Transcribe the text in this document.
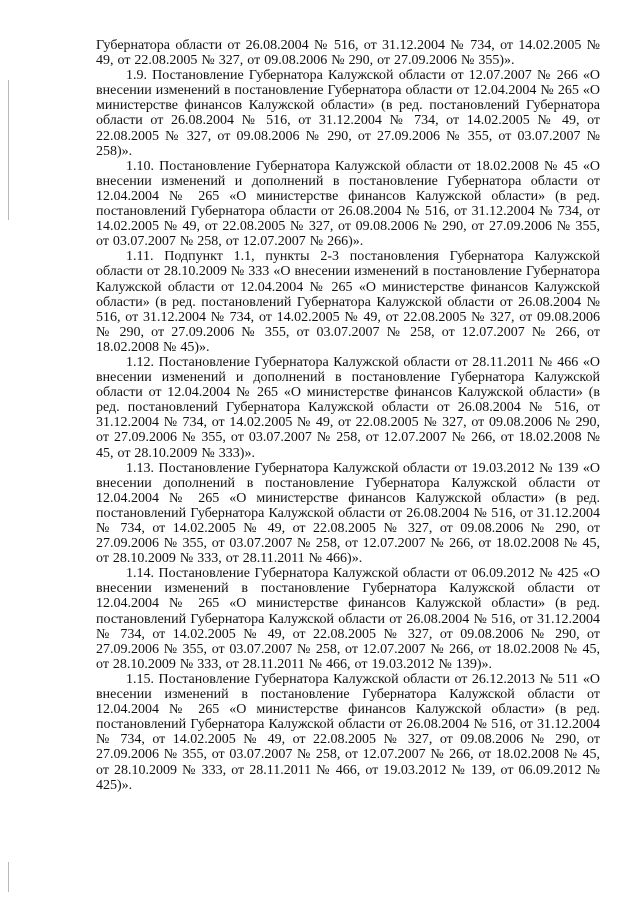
Губернатора области от 26.08.2004 № 516, от 31.12.2004 № 734, от 14.02.2005 № 49, от 22.08.2005 № 327, от 09.08.2006 № 290, от 27.09.2006 № 355)».

1.9. Постановление Губернатора Калужской области от 12.07.2007 № 266 «О внесении изменений в постановление Губернатора области от 12.04.2004 № 265 «О министерстве финансов Калужской области» (в ред. постановлений Губернатора области от 26.08.2004 № 516, от 31.12.2004 № 734, от 14.02.2005 № 49, от 22.08.2005 № 327, от 09.08.2006 № 290, от 27.09.2006 № 355, от 03.07.2007 № 258)».

1.10. Постановление Губернатора Калужской области от 18.02.2008 № 45 «О внесении изменений и дополнений в постановление Губернатора области от 12.04.2004 № 265 «О министерстве финансов Калужской области» (в ред. постановлений Губернатора области от 26.08.2004 № 516, от 31.12.2004 № 734, от 14.02.2005 № 49, от 22.08.2005 № 327, от 09.08.2006 № 290, от 27.09.2006 № 355, от 03.07.2007 № 258, от 12.07.2007 № 266)».

1.11. Подпункт 1.1, пункты 2-3 постановления Губернатора Калужской области от 28.10.2009 № 333 «О внесении изменений в постановление Губернатора Калужской области от 12.04.2004 № 265 «О министерстве финансов Калужской области» (в ред. постановлений Губернатора Калужской области от 26.08.2004 № 516, от 31.12.2004 № 734, от 14.02.2005 № 49, от 22.08.2005 № 327, от 09.08.2006 № 290, от 27.09.2006 № 355, от 03.07.2007 № 258, от 12.07.2007 № 266, от 18.02.2008 № 45)».

1.12. Постановление Губернатора Калужской области от 28.11.2011 № 466 «О внесении изменений и дополнений в постановление Губернатора Калужской области от 12.04.2004 № 265 «О министерстве финансов Калужской области» (в ред. постановлений Губернатора Калужской области от 26.08.2004 № 516, от 31.12.2004 № 734, от 14.02.2005 № 49, от 22.08.2005 № 327, от 09.08.2006 № 290, от 27.09.2006 № 355, от 03.07.2007 № 258, от 12.07.2007 № 266, от 18.02.2008 № 45, от 28.10.2009 № 333)».

1.13. Постановление Губернатора Калужской области от 19.03.2012 № 139 «О внесении дополнений в постановление Губернатора Калужской области от 12.04.2004 № 265 «О министерстве финансов Калужской области» (в ред. постановлений Губернатора Калужской области от 26.08.2004 № 516, от 31.12.2004 № 734, от 14.02.2005 № 49, от 22.08.2005 № 327, от 09.08.2006 № 290, от 27.09.2006 № 355, от 03.07.2007 № 258, от 12.07.2007 № 266, от 18.02.2008 № 45, от 28.10.2009 № 333, от 28.11.2011 № 466)».

1.14. Постановление Губернатора Калужской области от 06.09.2012 № 425 «О внесении изменений в постановление Губернатора Калужской области от 12.04.2004 № 265 «О министерстве финансов Калужской области» (в ред. постановлений Губернатора Калужской области от 26.08.2004 № 516, от 31.12.2004 № 734, от 14.02.2005 № 49, от 22.08.2005 № 327, от 09.08.2006 № 290, от 27.09.2006 № 355, от 03.07.2007 № 258, от 12.07.2007 № 266, от 18.02.2008 № 45, от 28.10.2009 № 333, от 28.11.2011 № 466, от 19.03.2012 № 139)».

1.15. Постановление Губернатора Калужской области от 26.12.2013 № 511 «О внесении изменений в постановление Губернатора Калужской области от 12.04.2004 № 265 «О министерстве финансов Калужской области» (в ред. постановлений Губернатора Калужской области от 26.08.2004 № 516, от 31.12.2004 № 734, от 14.02.2005 № 49, от 22.08.2005 № 327, от 09.08.2006 № 290, от 27.09.2006 № 355, от 03.07.2007 № 258, от 12.07.2007 № 266, от 18.02.2008 № 45, от 28.10.2009 № 333, от 28.11.2011 № 466, от 19.03.2012 № 139, от 06.09.2012 № 425)».
